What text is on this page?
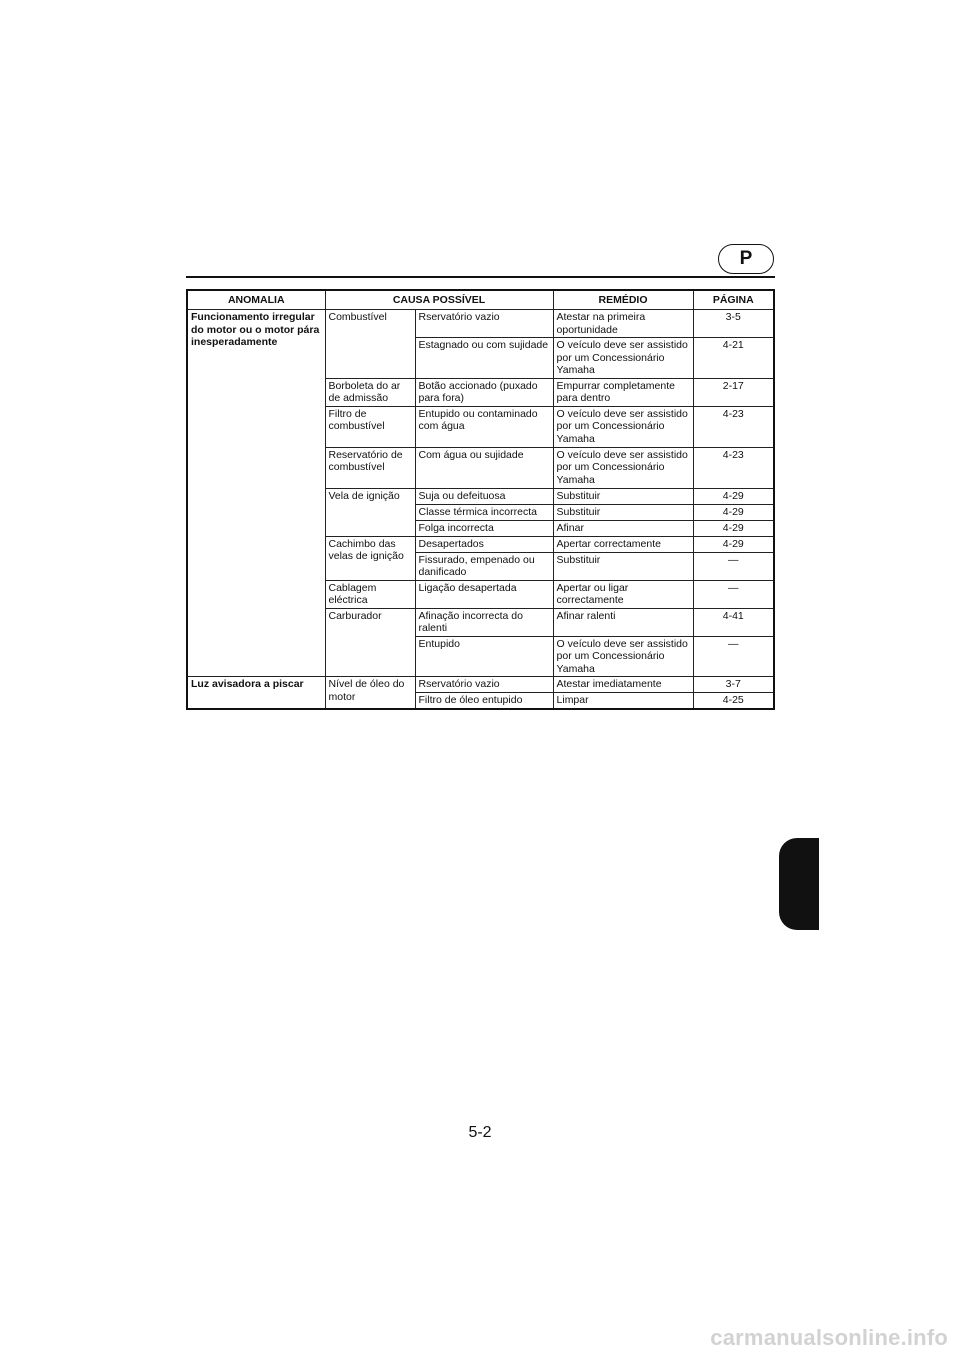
P
ANOMALIA	CAUSA POSSÍVEL		REMÉDIO	PÁGINA
Funcionamento irregular do motor ou o motor pára inesperadamente	Combustível	Rservatório vazio	Atestar na primeira oportunidade	3-5
		Estagnado ou com sujidade	O veículo deve ser assistido por um Concessionário Yamaha	4-21
	Borboleta do ar de admissão	Botão accionado (puxado para fora)	Empurrar completamente para dentro	2-17
	Filtro de combustível	Entupido ou contaminado com água	O veículo deve ser assistido por um Concessionário Yamaha	4-23
	Reservatório de combustível	Com água ou sujidade	O veículo deve ser assistido por um Concessionário Yamaha	4-23
	Vela de ignição	Suja ou defeituosa	Substituir	4-29
		Classe térmica incorrecta	Substituir	4-29
		Folga incorrecta	Afinar	4-29
	Cachimbo das velas de ignição	Desapertados	Apertar correctamente	4-29
		Fissurado, empenado ou danificado	Substituir	—
	Cablagem eléctrica	Ligação desapertada	Apertar ou ligar correctamente	—
	Carburador	Afinação incorrecta do ralenti	Afinar ralenti	4-41
		Entupido	O veículo deve ser assistido por um Concessionário Yamaha	—
Luz avisadora a piscar	Nível de óleo do motor	Rservatório vazio	Atestar imediatamente	3-7
		Filtro de óleo entupido	Limpar	4-25
5-2
carmanualsonline.info
